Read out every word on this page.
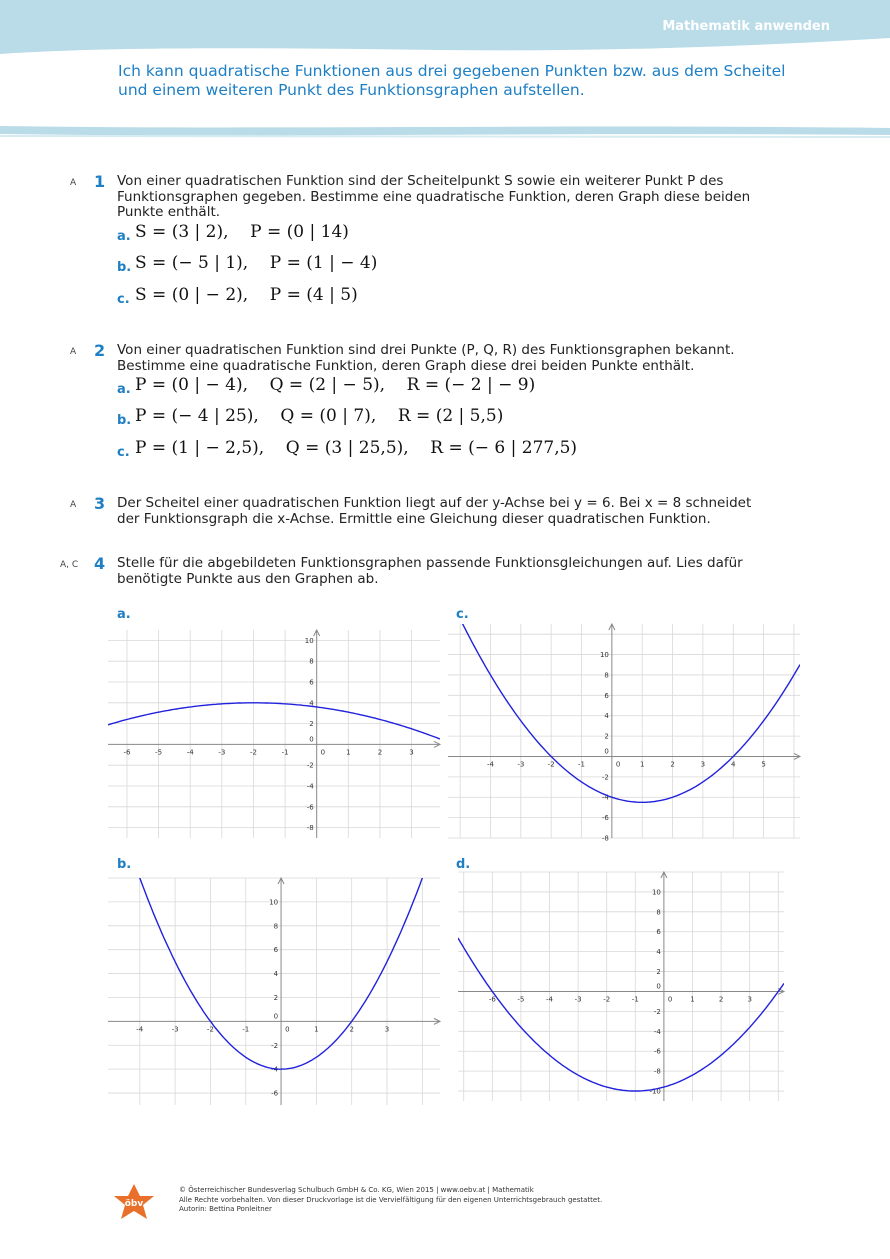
Mathematik anwenden
Ich kann quadratische Funktionen aus drei gegebenen Punkten bzw. aus dem Scheitel und einem weiteren Punkt des Funktionsgraphen aufstellen.
A 1 Von einer quadratischen Funktion sind der Scheitelpunkt S sowie ein weiterer Punkt P des Funktionsgraphen gegeben. Bestimme eine quadratische Funktion, deren Graph diese beiden Punkte enthält.
a. S = (3 | 2),    P = (0 | 14)
b. S = (− 5 | 1),    P = (1 | − 4)
c. S = (0 | − 2),    P = (4 | 5)
A 2 Von einer quadratischen Funktion sind drei Punkte (P, Q, R) des Funktionsgraphen bekannt. Bestimme eine quadratische Funktion, deren Graph diese drei beiden Punkte enthält.
a. P = (0 | − 4),    Q = (2 | − 5),    R = (− 2 | − 9)
b. P = (− 4 | 25),    Q = (0 | 7),    R = (2 | 5,5)
c. P = (1 | − 2,5),    Q = (3 | 25,5),    R = (− 6 | 277,5)
A 3 Der Scheitel einer quadratischen Funktion liegt auf der y-Achse bei y = 6. Bei x = 8 schneidet der Funktionsgraph die x-Achse. Ermittle eine Gleichung dieser quadratischen Funktion.
A, C 4 Stelle für die abgebildeten Funktionsgraphen passende Funktionsgleichungen auf. Lies dafür benötigte Punkte aus den Graphen ab.
a.	c.
b.	d.
-6	-5	-4	-3	-2	-1	0	1	2	3
10
8
6
4
2
0
-2
-4
-6
-8
-4	-3	-2	-1	0	1	2	3
10
8
6
4
2
0
-2
-4
-6
-4	-3	-2	-1	0	1	2	3	4	5
10
8
6
4
2
0
-2
-4
-6
-8
-6	-5	-4	-3	-2	-1	0	1	2	3
10
8
6
4
2
0
-2
-4
-6
-8
-10
öbv
© Österreichischer Bundesverlag Schulbuch GmbH & Co. KG, Wien 2015 | www.oebv.at | Mathematik
Alle Rechte vorbehalten. Von dieser Druckvorlage ist die Vervielfältigung für den eigenen Unterrichtsgebrauch gestattet.
Autorin: Bettina Ponleitner
